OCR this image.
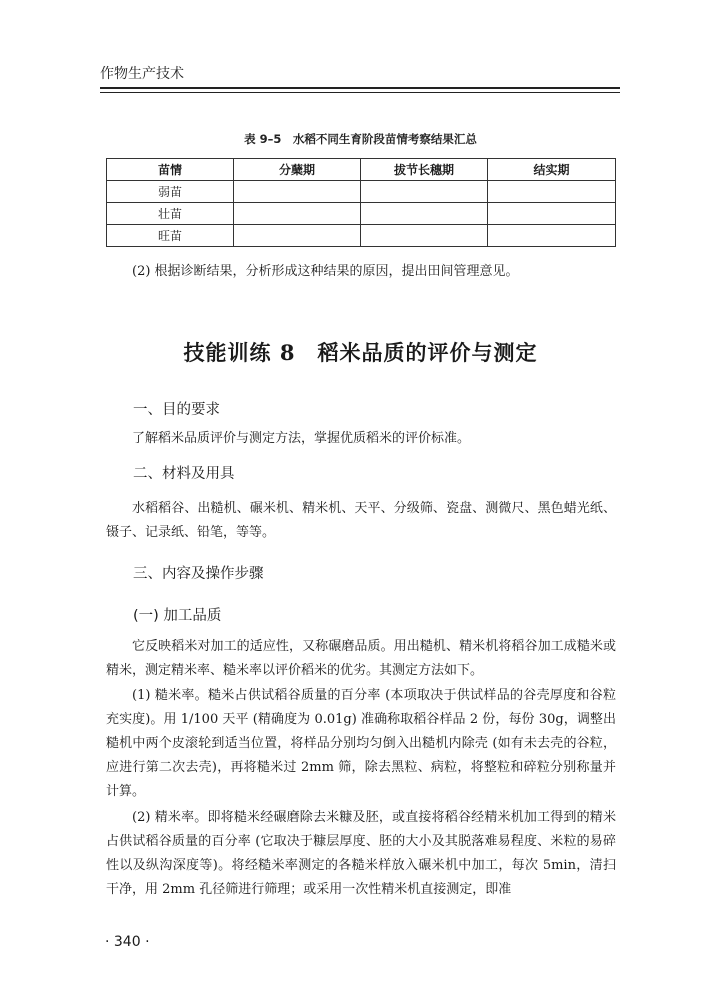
作物生产技术
表 9–5　水稻不同生育阶段苗情考察结果汇总
苗情	分蘖期	拔节长穗期	结实期
弱苗			
壮苗			
旺苗			
(2) 根据诊断结果，分析形成这种结果的原因，提出田间管理意见。
技能训练 8　稻米品质的评价与测定
一、目的要求
了解稻米品质评价与测定方法，掌握优质稻米的评价标准。
二、材料及用具
水稻稻谷、出糙机、碾米机、精米机、天平、分级筛、瓷盘、测微尺、黑色蜡光纸、镊子、记录纸、铅笔，等等。
三、内容及操作步骤
(一) 加工品质
它反映稻米对加工的适应性，又称碾磨品质。用出糙机、精米机将稻谷加工成糙米或精米，测定精米率、糙米率以评价稻米的优劣。其测定方法如下。
(1) 糙米率。糙米占供试稻谷质量的百分率 (本项取决于供试样品的谷壳厚度和谷粒充实度)。用 1/100 天平 (精确度为 0.01g) 准确称取稻谷样品 2 份，每份 30g，调整出糙机中两个皮滚轮到适当位置，将样品分别均匀倒入出糙机内除壳 (如有未去壳的谷粒，应进行第二次去壳)，再将糙米过 2mm 筛，除去黑粒、病粒，将整粒和碎粒分别称量并计算。
(2) 精米率。即将糙米经碾磨除去米糠及胚，或直接将稻谷经精米机加工得到的精米占供试稻谷质量的百分率 (它取决于糠层厚度、胚的大小及其脱落难易程度、米粒的易碎性以及纵沟深度等)。将经糙米率测定的各糙米样放入碾米机中加工，每次 5min，清扫干净，用 2mm 孔径筛进行筛理；或采用一次性精米机直接测定，即准
· 340 ·
